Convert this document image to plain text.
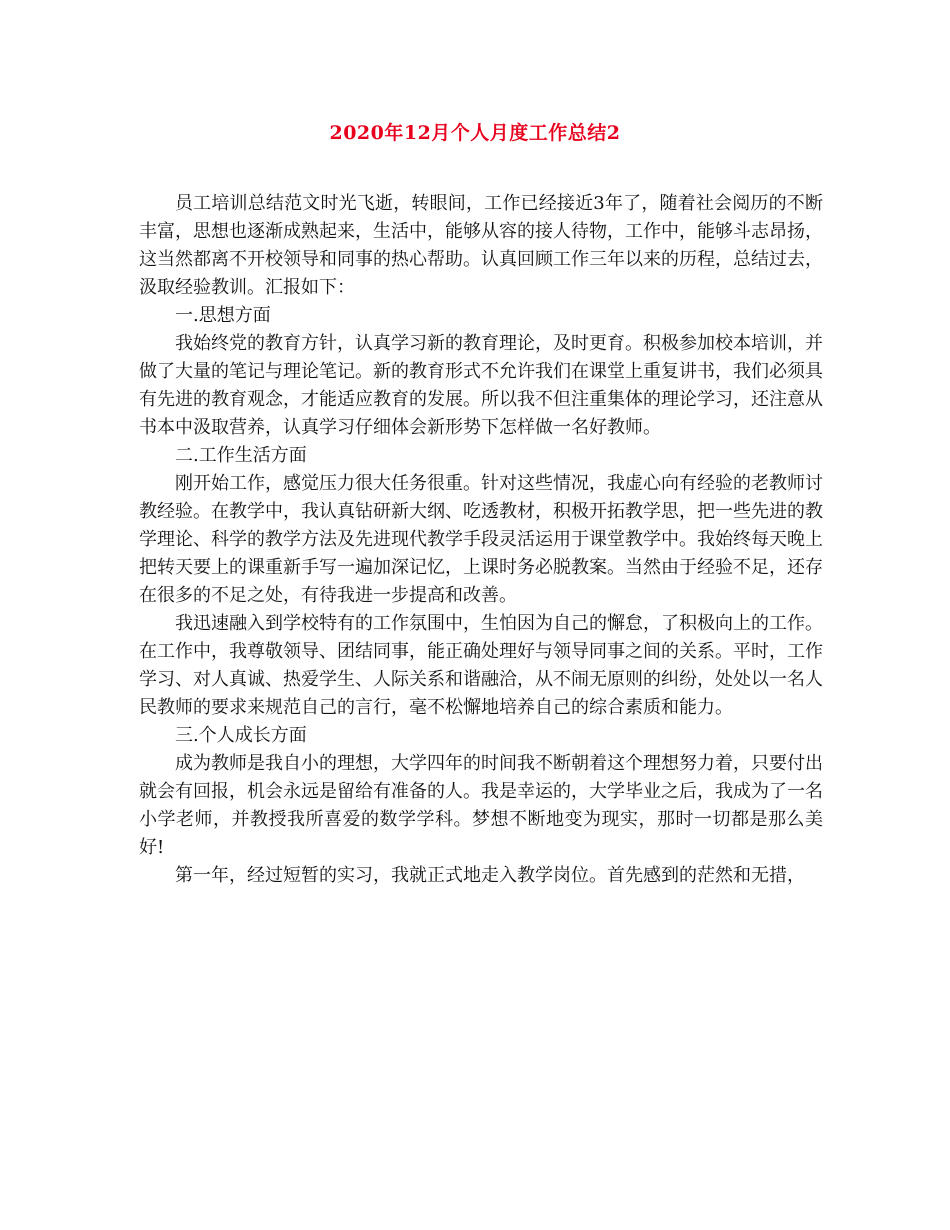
2020年12月个人月度工作总结2

员工培训总结范文时光飞逝，转眼间，工作已经接近3年了，随着社会阅历的不断丰富，思想也逐渐成熟起来，生活中，能够从容的接人待物，工作中，能够斗志昂扬，这当然都离不开校领导和同事的热心帮助。认真回顾工作三年以来的历程，总结过去，汲取经验教训。汇报如下：

一.思想方面

我始终党的教育方针，认真学习新的教育理论，及时更育。积极参加校本培训，并做了大量的笔记与理论笔记。新的教育形式不允许我们在课堂上重复讲书，我们必须具有先进的教育观念，才能适应教育的发展。所以我不但注重集体的理论学习，还注意从书本中汲取营养，认真学习仔细体会新形势下怎样做一名好教师。

二.工作生活方面

刚开始工作，感觉压力很大任务很重。针对这些情况，我虚心向有经验的老教师讨教经验。在教学中，我认真钻研新大纲、吃透教材，积极开拓教学思，把一些先进的教学理论、科学的教学方法及先进现代教学手段灵活运用于课堂教学中。我始终每天晚上把转天要上的课重新手写一遍加深记忆，上课时务必脱教案。当然由于经验不足，还存在很多的不足之处，有待我进一步提高和改善。

我迅速融入到学校特有的工作氛围中，生怕因为自己的懈怠，了积极向上的工作。在工作中，我尊敬领导、团结同事，能正确处理好与领导同事之间的关系。平时，工作学习、对人真诚、热爱学生、人际关系和谐融洽，从不闹无原则的纠纷，处处以一名人民教师的要求来规范自己的言行，毫不松懈地培养自己的综合素质和能力。

三.个人成长方面

成为教师是我自小的理想，大学四年的时间我不断朝着这个理想努力着，只要付出就会有回报，机会永远是留给有准备的人。我是幸运的，大学毕业之后，我成为了一名小学老师，并教授我所喜爱的数学学科。梦想不断地变为现实，那时一切都是那么美好!

第一年，经过短暂的实习，我就正式地走入教学岗位。首先感到的茫然和无措，
